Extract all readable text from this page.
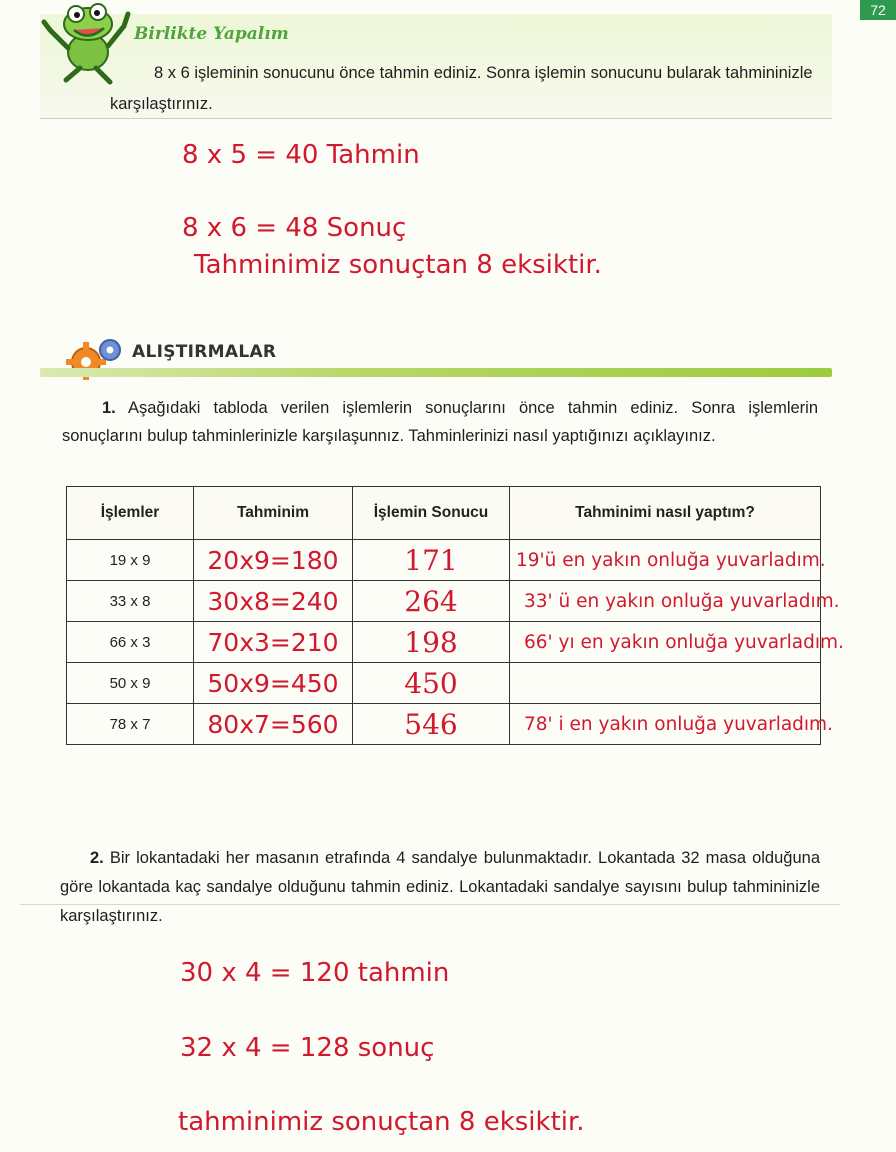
72
Birlikte Yapalım
8 x 6 işleminin sonucunu önce tahmin ediniz. Sonra işlemin sonucunu bularak tahmininizle karşılaştırınız.
8 x 5 = 40 Tahmin
8 x 6 = 48 Sonuç
Tahminimiz sonuçtan 8 eksiktir.
ALIŞTIRMALAR
1. Aşağıdaki tabloda verilen işlemlerin sonuçlarını önce tahmin ediniz. Sonra işlemlerin sonuçlarını bulup tahminlerinizle karşılaşunnız. Tahminlerinizi nasıl yaptığınızı açıklayınız.
İşlemler	Tahminim	İşlemin Sonucu	Tahminimi nasıl yaptım?
19 x 9	20x9=180	171	19'ü en yakın onluğa yuvarladım.

33 x 8	30x8=240	264	33' ü en yakın onluğa yuvarladım.

66 x 3	70x3=210	198	66' yı en yakın onluğa yuvarladım.

50 x 9	50x9=450	450	

78 x 7	80x7=560	546	78' i en yakın onluğa yuvarladım.
2. Bir lokantadaki her masanın etrafında 4 sandalye bulunmaktadır. Lokantada 32 masa olduğuna göre lokantada kaç sandalye olduğunu tahmin ediniz. Lokantadaki sandalye sayısını bulup tahmininizle karşılaştırınız.
30 x 4 = 120 tahmin
32 x 4 = 128 sonuç
tahminimiz sonuçtan 8 eksiktir.
